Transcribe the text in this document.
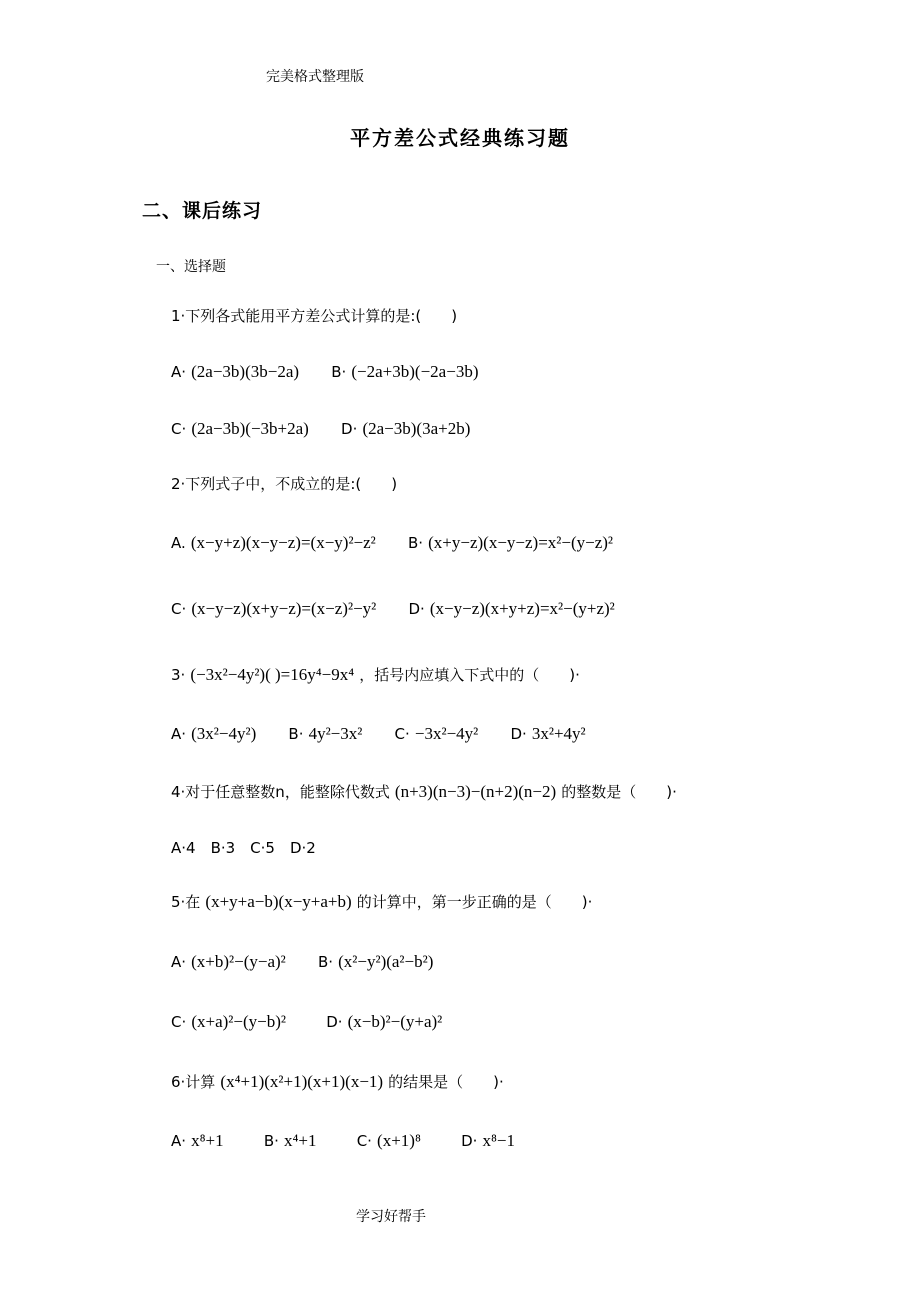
完美格式整理版
平方差公式经典练习题
二、课后练习
一、选择题
1·下列各式能用平方差公式计算的是:(　　)
A· (2a−3b)(3b−2a) B· (−2a+3b)(−2a−3b)
C· (2a−3b)(−3b+2a) D· (2a−3b)(3a+2b)
2·下列式子中，不成立的是:(　　)
A. (x−y+z)(x−y−z)=(x−y)²−z² B· (x+y−z)(x−y−z)=x²−(y−z)²
C· (x−y−z)(x+y−z)=(x−z)²−y² D· (x−y−z)(x+y+z)=x²−(y+z)²
3· (−3x²−4y²)( )=16y⁴−9x⁴ ，括号内应填入下式中的（　　)·
A· (3x²−4y²) B· 4y²−3x² C· −3x²−4y² D· 3x²+4y²
4·对于任意整数n，能整除代数式 (n+3)(n−3)−(n+2)(n−2) 的整数是（　　)·
A·4　B·3　C·5　D·2
5·在 (x+y+a−b)(x−y+a+b) 的计算中，第一步正确的是（　　)·
A· (x+b)²−(y−a)² B· (x²−y²)(a²−b²)
C· (x+a)²−(y−b)²	D· (x−b)²−(y+a)²
6·计算 (x⁴+1)(x²+1)(x+1)(x−1) 的结果是（　　)·
A· x⁸+1	B· x⁴+1	C· (x+1)⁸	D· x⁸−1
学习好帮手
